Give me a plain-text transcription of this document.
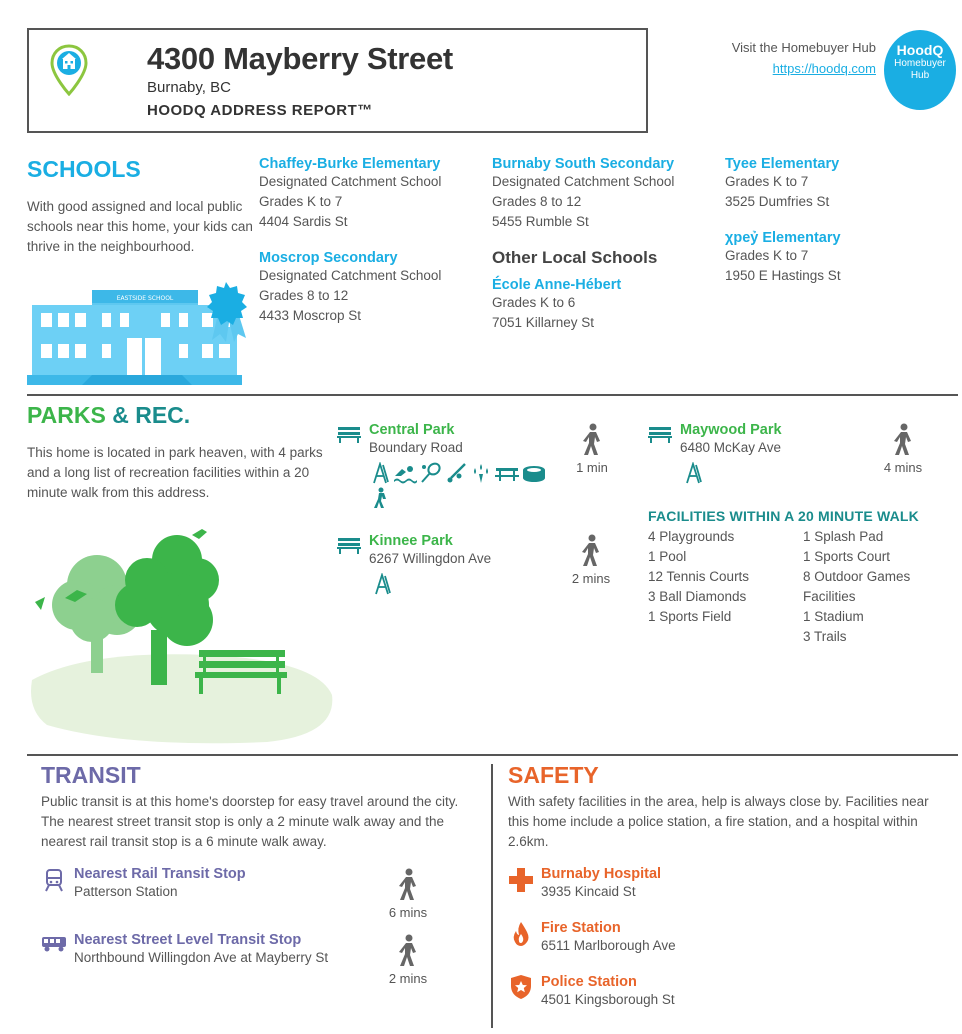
4300 Mayberry Street
Burnaby, BC
HOODQ ADDRESS REPORT™
Visit the Homebuyer Hub
https://hoodq.com
HoodQ
Homebuyer
Hub
SCHOOLS
With good assigned and local public schools near this home, your kids can thrive in the neighbourhood.
EASTSIDE SCHOOL
Chaffey-Burke Elementary
Designated Catchment School
Grades K to 7
4404 Sardis St
Moscrop Secondary
Designated Catchment School
Grades 8 to 12
4433 Moscrop St
Burnaby South Secondary
Designated Catchment School
Grades 8 to 12
5455 Rumble St
Other Local Schools
École Anne-Hébert
Grades K to 6
7051 Killarney St
Tyee Elementary
Grades K to 7
3525 Dumfries St
χpeỷ Elementary
Grades K to 7
1950 E Hastings St
PARKS & REC.
This home is located in park heaven, with 4 parks and a long list of recreation facilities within a 20 minute walk from this address.
Central Park
Boundary Road
1 min
Kinnee Park
6267 Willingdon Ave
2 mins
Maywood Park
6480 McKay Ave
4 mins
FACILITIES WITHIN A 20 MINUTE WALK
4 Playgrounds
1 Pool
12 Tennis Courts
3 Ball Diamonds
1 Sports Field
1 Splash Pad
1 Sports Court
8 Outdoor Games
Facilities
1 Stadium
3 Trails
TRANSIT
Public transit is at this home's doorstep for easy travel around the city. The nearest street transit stop is only a 2 minute walk away and the nearest rail transit stop is a 6 minute walk away.
Nearest Rail Transit Stop
Patterson Station
6 mins
Nearest Street Level Transit Stop
Northbound Willingdon Ave at Mayberry St
2 mins
SAFETY
With safety facilities in the area, help is always close by. Facilities near this home include a police station, a fire station, and a hospital within 2.6km.
Burnaby Hospital
3935 Kincaid St
Fire Station
6511 Marlborough Ave
Police Station
4501 Kingsborough St
